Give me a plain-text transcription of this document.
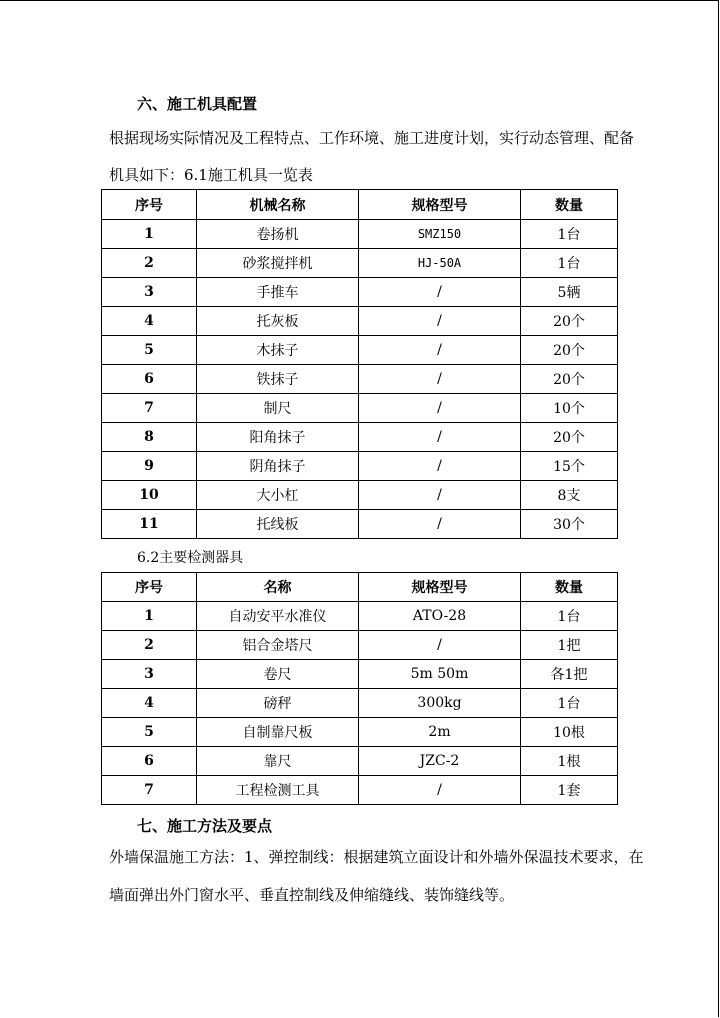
六、施工机具配置
根据现场实际情况及工程特点、工作环境、施工进度计划，实行动态管理、配备
机具如下：6.1施工机具一览表
序号	机械名称	规格型号	数量
1	卷扬机	SMZ150	1台
2	砂浆搅拌机	HJ-50A	1台
3	手推车	/	5辆
4	托灰板	/	20个
5	木抹子	/	20个
6	铁抹子	/	20个
7	制尺	/	10个
8	阳角抹子	/	20个
9	阴角抹子	/	15个
10	大小杠	/	8支
11	托线板	/	30个
6.2主要检测器具
序号	名称	规格型号	数量
1	自动安平水准仪	ATO-28	1台
2	铝合金塔尺	/	1把
3	卷尺	5m 50m	各1把
4	磅秤	300kg	1台
5	自制靠尺板	2m	10根
6	靠尺	JZC-2	1根
7	工程检测工具	/	1套
七、施工方法及要点
外墙保温施工方法：1、弹控制线：根据建筑立面设计和外墙外保温技术要求，在
墙面弹出外门窗水平、垂直控制线及伸缩缝线、装饰缝线等。
